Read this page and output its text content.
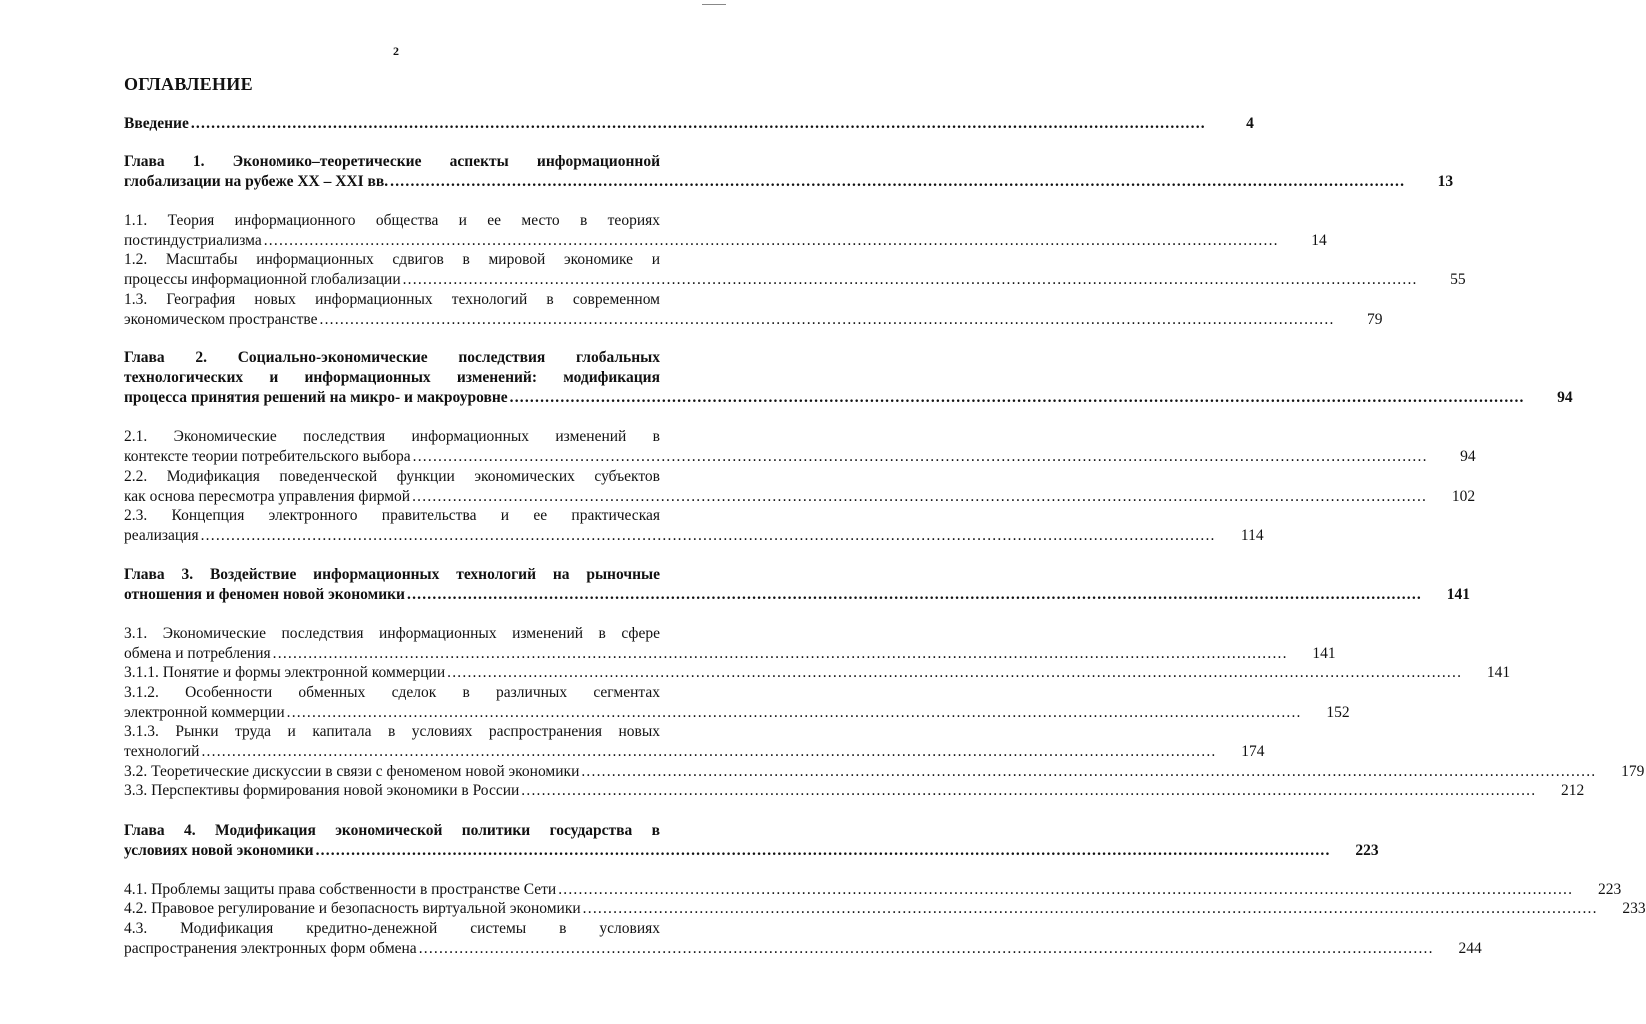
2
ОГЛАВЛЕНИЕ
Введение ........................................................................................................................................................................................................	4
Глава 1. Экономико–теоретические аспекты информационной
глобализации на рубеже XX – XXI вв. ........................................................................................................................................................................................................	13
1.1. Теория информационного общества и ее место в теориях
постиндустриализма ........................................................................................................................................................................................................	14
1.2. Масштабы информационных сдвигов в мировой экономике и
процессы информационной глобализации ........................................................................................................................................................................................................	55
1.3. География новых информационных технологий в современном
экономическом пространстве ........................................................................................................................................................................................................	79
Глава 2. Социально-экономические последствия глобальных
технологических и информационных изменений: модификация
процесса принятия решений на микро- и макроуровне ........................................................................................................................................................................................................	94
2.1. Экономические последствия информационных изменений в
контексте теории потребительского выбора ........................................................................................................................................................................................................	94
2.2. Модификация поведенческой функции экономических субъектов
как основа пересмотра управления фирмой ........................................................................................................................................................................................................	102
2.3. Концепция электронного правительства и ее практическая
реализация ........................................................................................................................................................................................................	114
Глава 3. Воздействие информационных технологий на рыночные
отношения и феномен новой экономики ........................................................................................................................................................................................................	141
3.1. Экономические последствия информационных изменений в сфере
обмена и потребления ........................................................................................................................................................................................................	141
3.1.1. Понятие и формы электронной коммерции ........................................................................................................................................................................................................	141
3.1.2. Особенности обменных сделок в различных сегментах
электронной коммерции ........................................................................................................................................................................................................	152
3.1.3. Рынки труда и капитала в условиях распространения новых
технологий ........................................................................................................................................................................................................	174
3.2. Теоретические дискуссии в связи с феноменом новой экономики ........................................................................................................................................................................................................	179
3.3. Перспективы формирования новой экономики в России ........................................................................................................................................................................................................	212
Глава 4. Модификация экономической политики государства в
условиях новой экономики ........................................................................................................................................................................................................	223
4.1. Проблемы защиты права собственности в пространстве Сети ........................................................................................................................................................................................................	223
4.2. Правовое регулирование и безопасность виртуальной экономики ........................................................................................................................................................................................................	233
4.3. Модификация кредитно-денежной системы в условиях
распространения электронных форм обмена ........................................................................................................................................................................................................	244
